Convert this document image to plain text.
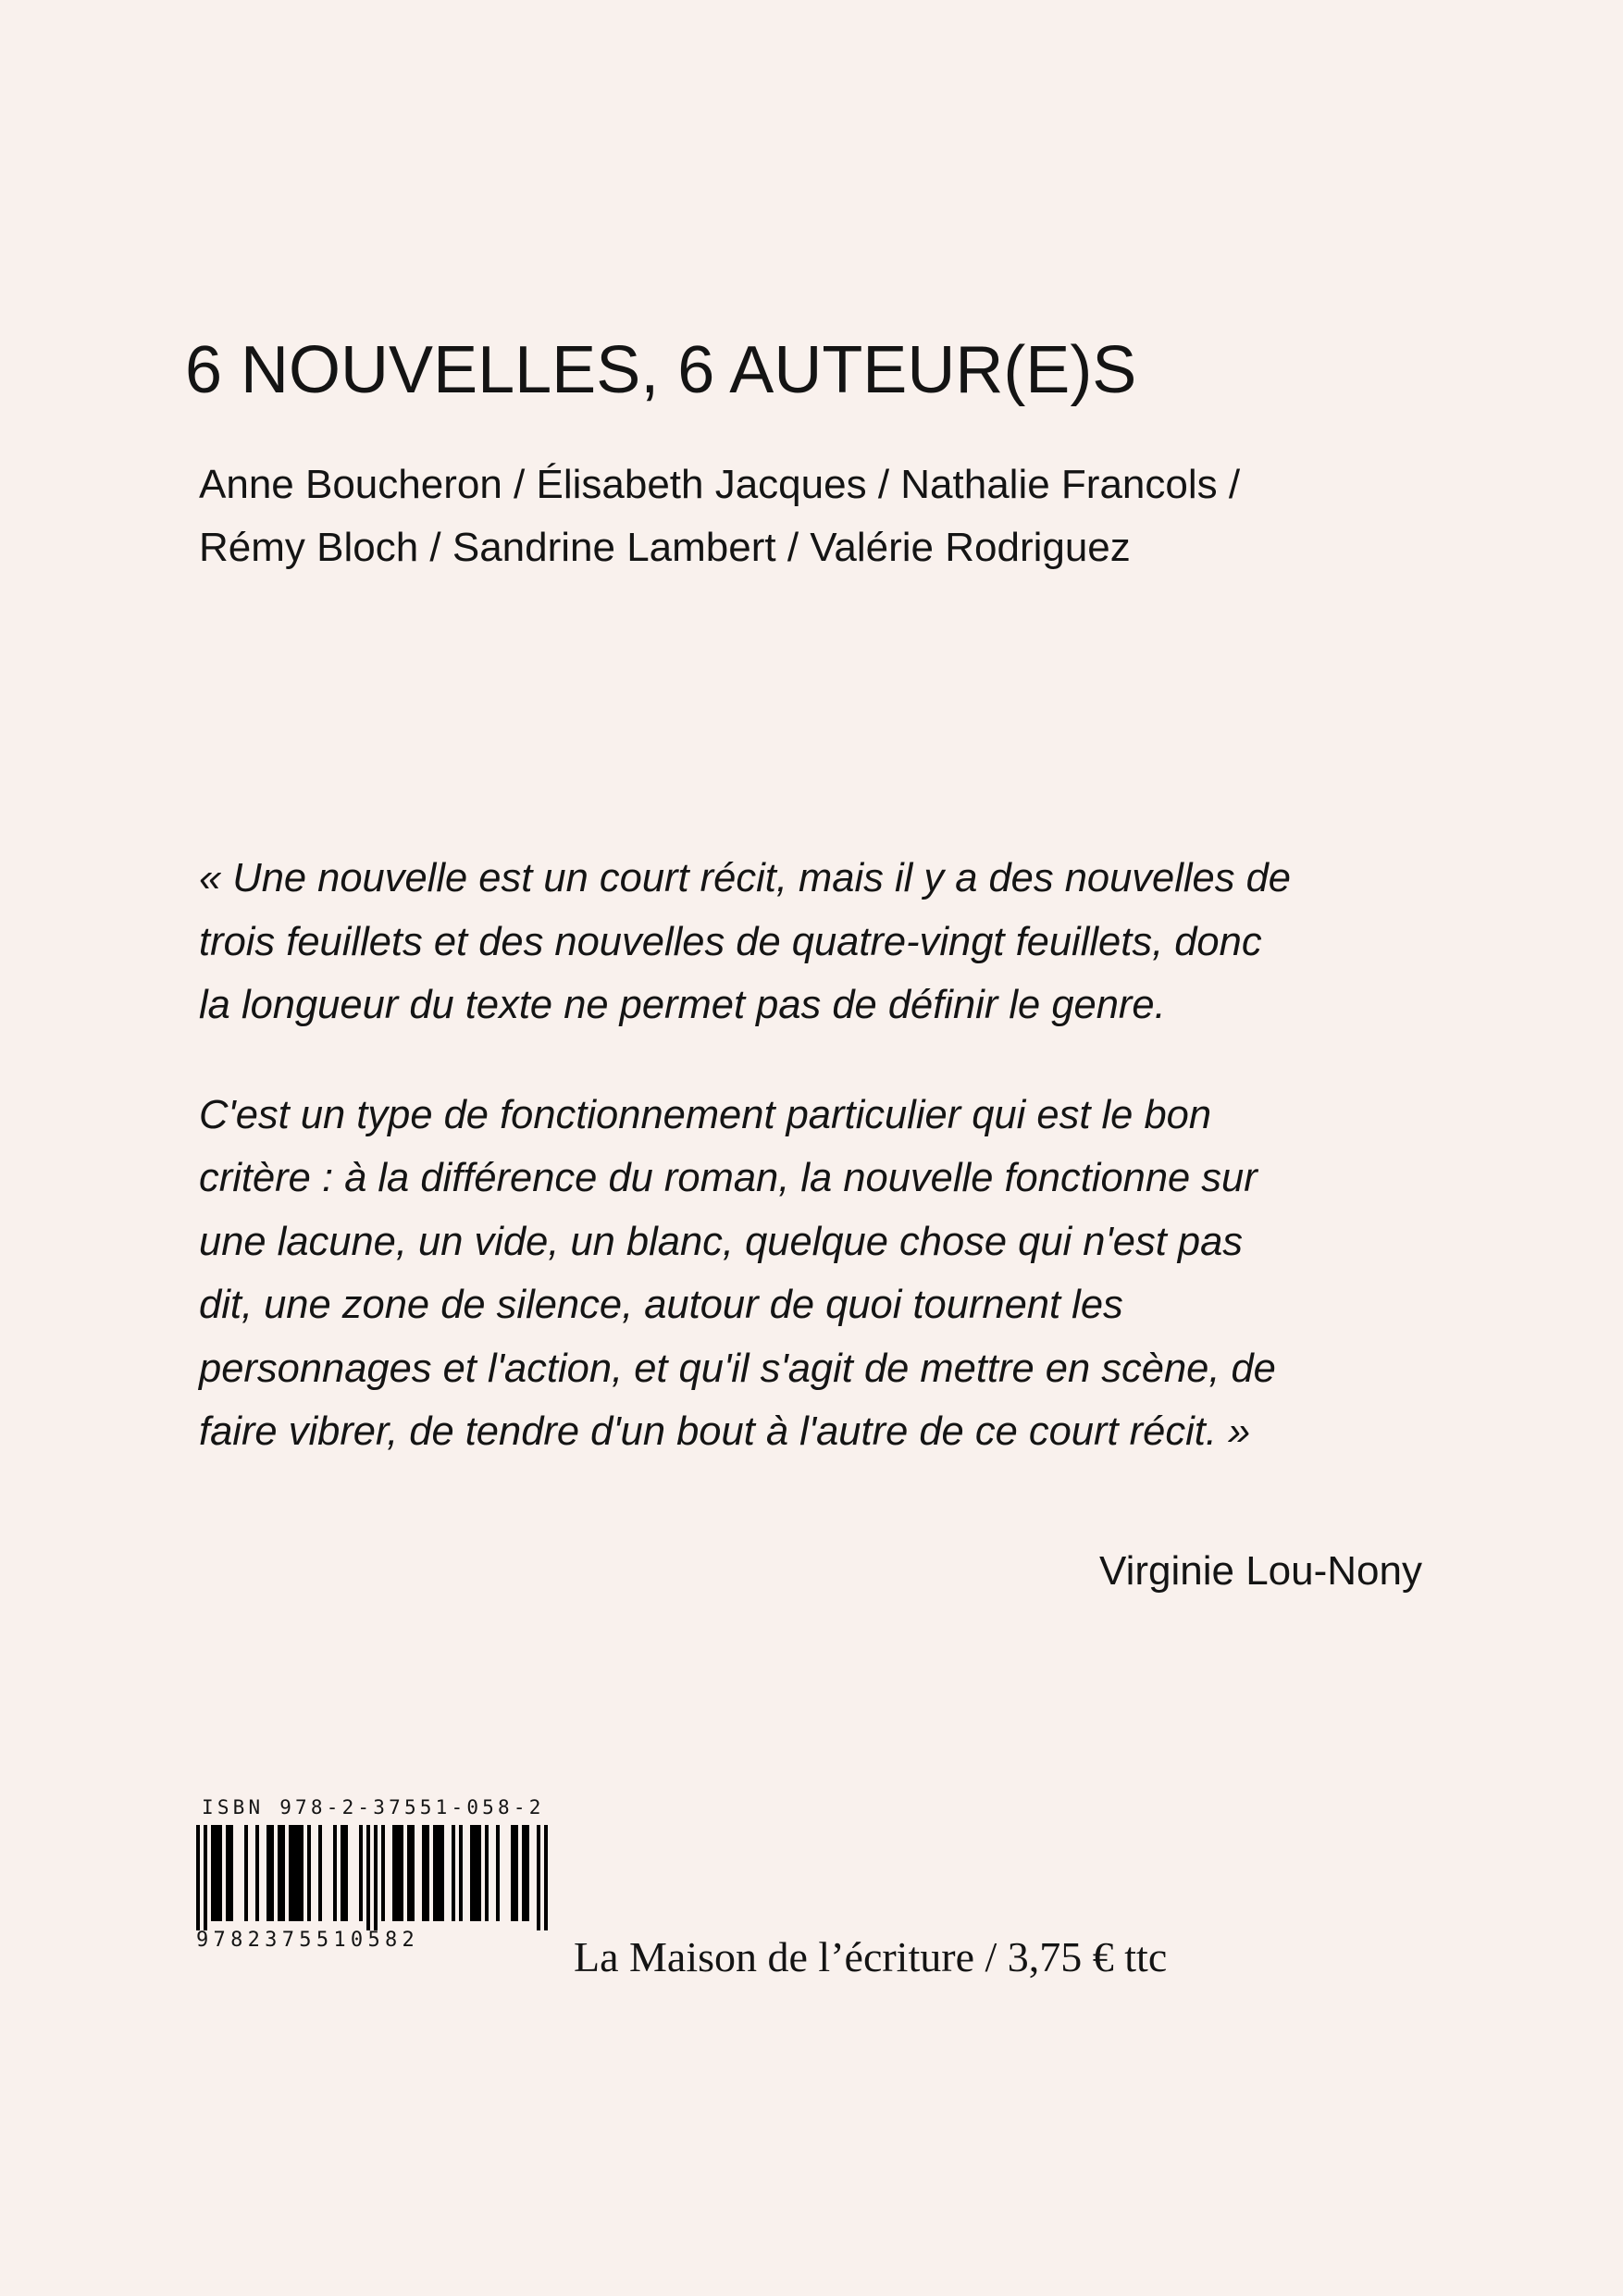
6 NOUVELLES, 6 AUTEUR(E)S
Anne Boucheron / Élisabeth Jacques / Nathalie Francols /
Rémy Bloch / Sandrine Lambert / Valérie Rodriguez

« Une nouvelle est un court récit, mais il y a des nouvelles de
trois feuillets et des nouvelles de quatre-vingt feuillets, donc
la longueur du texte ne permet pas de définir le genre.

C'est un type de fonctionnement particulier qui est le bon
critère : à la différence du roman, la nouvelle fonctionne sur
une lacune, un vide, un blanc, quelque chose qui n'est pas
dit, une zone de silence, autour de quoi tournent les
personnages et l'action, et qu'il s'agit de mettre en scène, de
faire vibrer, de tendre d'un bout à l'autre de ce court récit. »

Virginie Lou-Nony
ISBN 978-2-37551-058-2
9782375510582	La Maison de l’écriture / 3,75 € ttc
